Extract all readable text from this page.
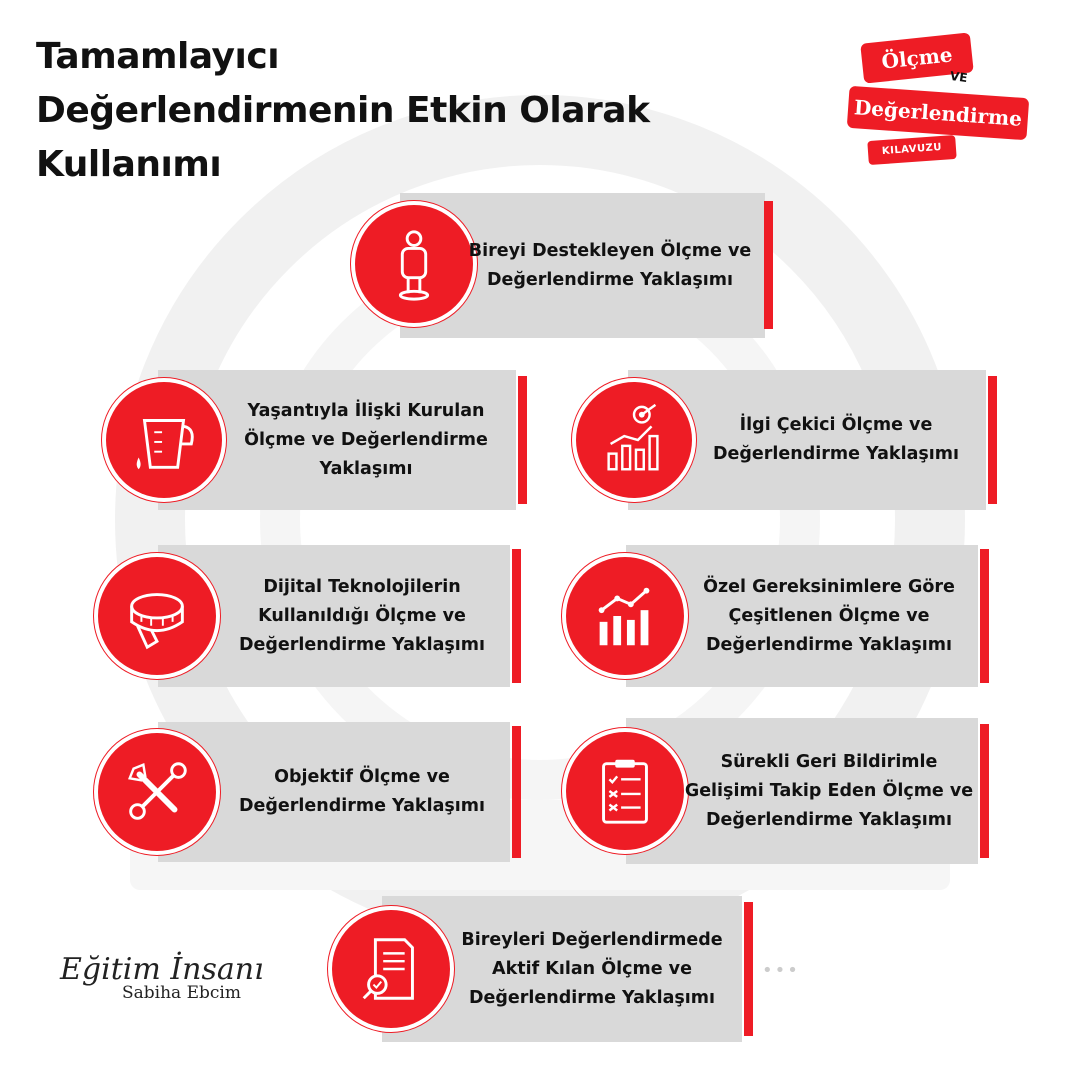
Tamamlayıcı
Değerlendirmenin Etkin Olarak
Kullanımı
Ölçme
VE
Değerlendirme
KILAVUZU
Bireyi Destekleyen Ölçme ve Değerlendirme Yaklaşımı
Yaşantıyla İlişki Kurulan Ölçme ve Değerlendirme Yaklaşımı
İlgi Çekici Ölçme ve Değerlendirme Yaklaşımı
Dijital Teknolojilerin Kullanıldığı Ölçme ve Değerlendirme Yaklaşımı
Özel Gereksinimlere Göre Çeşitlenen Ölçme ve Değerlendirme Yaklaşımı
Objektif Ölçme ve Değerlendirme Yaklaşımı
Sürekli Geri Bildirimle Gelişimi Takip Eden Ölçme ve Değerlendirme Yaklaşımı
Bireyleri Değerlendirmede Aktif Kılan Ölçme ve Değerlendirme Yaklaşımı
•••
Eğitim İnsanı
Sabiha Ebcim
